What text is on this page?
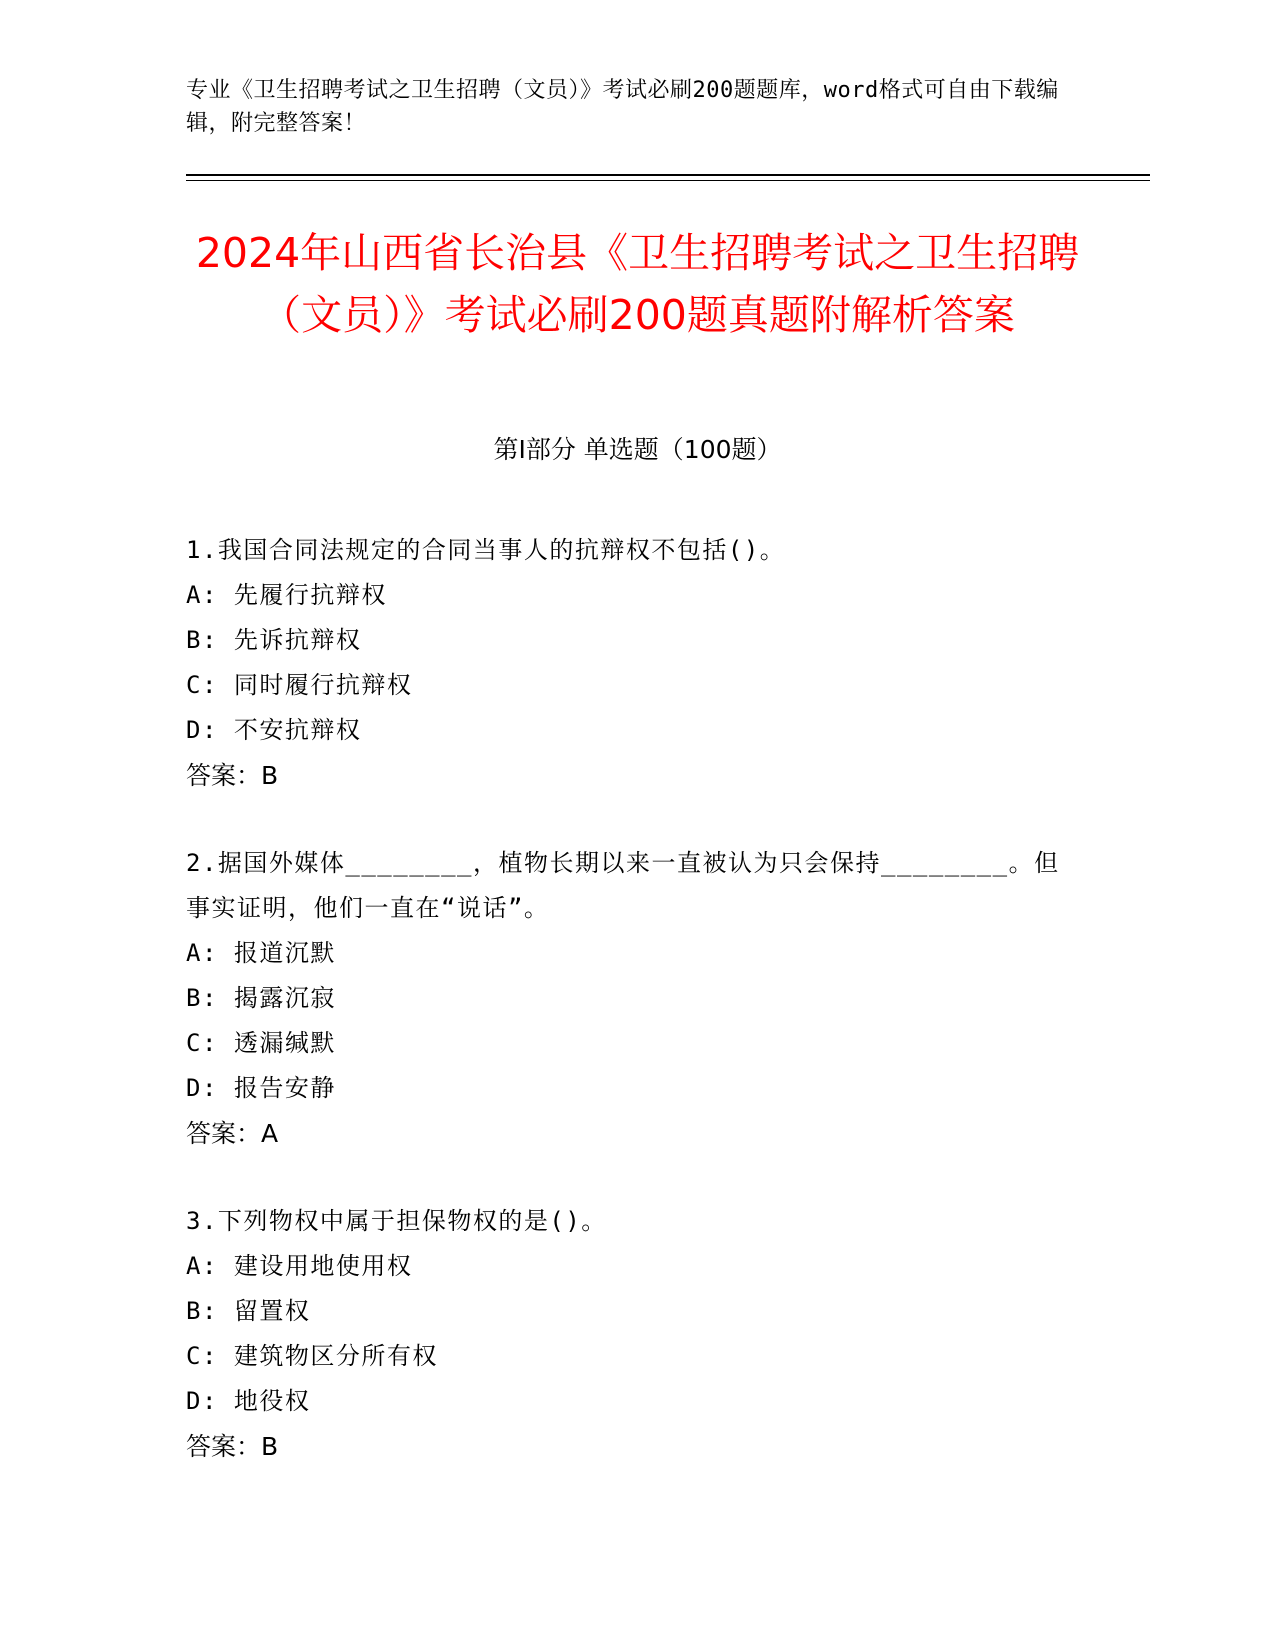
专业《卫生招聘考试之卫生招聘（文员）》考试必刷200题题库，word格式可自由下载编辑，附完整答案！
2024年山西省长治县《卫生招聘考试之卫生招聘（文员）》考试必刷200题真题附解析答案
第I部分 单选题（100题）

1.我国合同法规定的合同当事人的抗辩权不包括()。

A: 先履行抗辩权

B: 先诉抗辩权

C: 同时履行抗辩权

D: 不安抗辩权

答案：B

2.据国外媒体________，植物长期以来一直被认为只会保持________。但事实证明，他们一直在“说话”。

A: 报道沉默

B: 揭露沉寂

C: 透漏缄默

D: 报告安静

答案：A

3.下列物权中属于担保物权的是()。

A: 建设用地使用权

B: 留置权

C: 建筑物区分所有权

D: 地役权

答案：B
